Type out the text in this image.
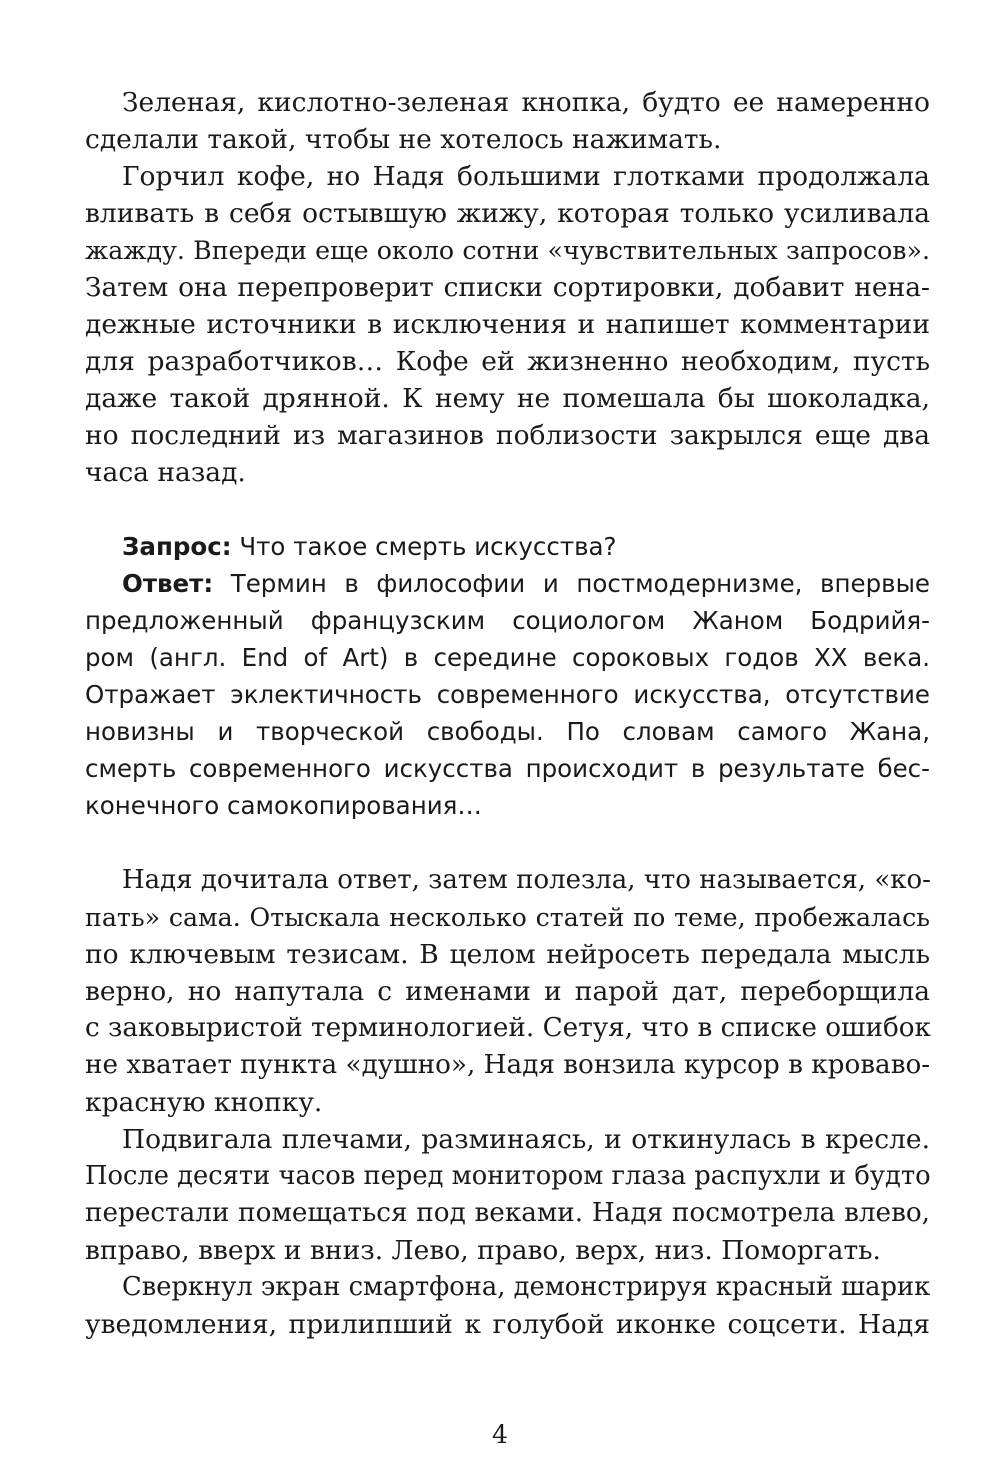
Зеленая, кислотно-зеленая кнопка, будто ее намеренно
сделали такой, чтобы не хотелось нажимать.
Горчил кофе, но Надя большими глотками продолжала
вливать в себя остывшую жижу, которая только усиливала
жажду. Впереди еще около сотни «чувствительных запросов».
Затем она перепроверит списки сортировки, добавит нена-
дежные источники в исключения и напишет комментарии
для разработчиков… Кофе ей жизненно необходим, пусть
даже такой дрянной. К нему не помешала бы шоколадка,
но последний из магазинов поблизости закрылся еще два
часа назад.
Запрос: Что такое смерть искусства?
Ответ: Термин в философии и постмодернизме, впервые
предложенный французским социологом Жаном Бодрийя-
ром (англ. End of Art) в середине сороковых годов XX века.
Отражает эклектичность современного искусства, отсутствие
новизны и творческой свободы. По словам самого Жана,
смерть современного искусства происходит в результате бес-
конечного самокопирования…
Надя дочитала ответ, затем полезла, что называется, «ко-
пать» сама. Отыскала несколько статей по теме, пробежалась
по ключевым тезисам. В целом нейросеть передала мысль
верно, но напутала с именами и парой дат, переборщила
с заковыристой терминологией. Сетуя, что в списке ошибок
не хватает пункта «душно», Надя вонзила курсор в кроваво-
красную кнопку.
Подвигала плечами, разминаясь, и откинулась в кресле.
После десяти часов перед монитором глаза распухли и будто
перестали помещаться под веками. Надя посмотрела влево,
вправо, вверх и вниз. Лево, право, верх, низ. Поморгать.
Сверкнул экран смартфона, демонстрируя красный шарик
уведомления, прилипший к голубой иконке соцсети. Надя
4
